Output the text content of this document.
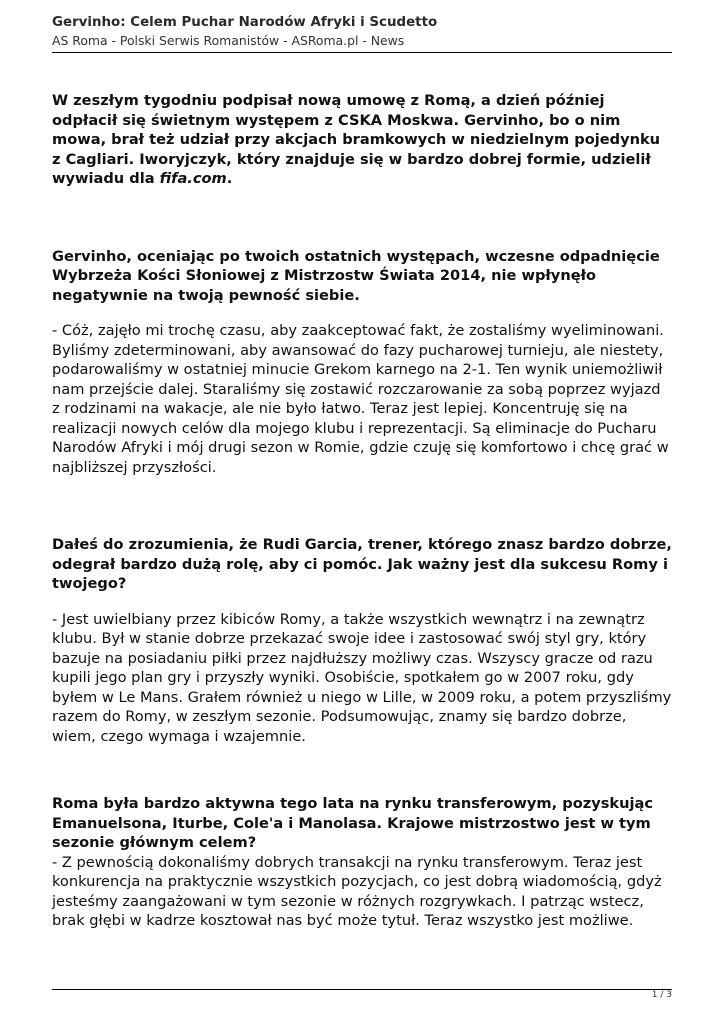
Gervinho: Celem Puchar Narodów Afryki i Scudetto
AS Roma - Polski Serwis Romanistów - ASRoma.pl - News

W zeszłym tygodniu podpisał nową umowę z Romą, a dzień później odpłacił się świetnym występem z CSKA Moskwa. Gervinho, bo o nim mowa, brał też udział przy akcjach bramkowych w niedzielnym pojedynku z Cagliari. Iworyjczyk, który znajduje się w bardzo dobrej formie, udzielił wywiadu dla fifa.com.

Gervinho, oceniając po twoich ostatnich występach, wczesne odpadnięcie Wybrzeża Kości Słoniowej z Mistrzostw Świata 2014, nie wpłynęło negatywnie na twoją pewność siebie.

- Cóż, zajęło mi trochę czasu, aby zaakceptować fakt, że zostaliśmy wyeliminowani. Byliśmy zdeterminowani, aby awansować do fazy pucharowej turnieju, ale niestety, podarowaliśmy w ostatniej minucie Grekom karnego na 2-1. Ten wynik uniemożliwił nam przejście dalej. Staraliśmy się zostawić rozczarowanie za sobą poprzez wyjazd z rodzinami na wakacje, ale nie było łatwo. Teraz jest lepiej. Koncentruję się na realizacji nowych celów dla mojego klubu i reprezentacji. Są eliminacje do Pucharu Narodów Afryki i mój drugi sezon w Romie, gdzie czuję się komfortowo i chcę grać w najbliższej przyszłości.

Dałeś do zrozumienia, że Rudi Garcia, trener, którego znasz bardzo dobrze, odegrał bardzo dużą rolę, aby ci pomóc. Jak ważny jest dla sukcesu Romy i twojego?

- Jest uwielbiany przez kibiców Romy, a także wszystkich wewnątrz i na zewnątrz klubu. Był w stanie dobrze przekazać swoje idee i zastosować swój styl gry, który bazuje na posiadaniu piłki przez najdłuższy możliwy czas. Wszyscy gracze od razu kupili jego plan gry i przyszły wyniki. Osobiście, spotkałem go w 2007 roku, gdy byłem w Le Mans. Grałem również u niego w Lille, w 2009 roku, a potem przyszliśmy razem do Romy, w zeszłym sezonie. Podsumowując, znamy się bardzo dobrze, wiem, czego wymaga i wzajemnie.

Roma była bardzo aktywna tego lata na rynku transferowym, pozyskując Emanuelsona, Iturbe, Cole'a i Manolasa. Krajowe mistrzostwo jest w tym sezonie głównym celem?

- Z pewnością dokonaliśmy dobrych transakcji na rynku transferowym. Teraz jest konkurencja na praktycznie wszystkich pozycjach, co jest dobrą wiadomością, gdyż jesteśmy zaangażowani w tym sezonie w różnych rozgrywkach. I patrząc wstecz, brak głębi w kadrze kosztował nas być może tytuł. Teraz wszystko jest możliwe.

1 / 3
